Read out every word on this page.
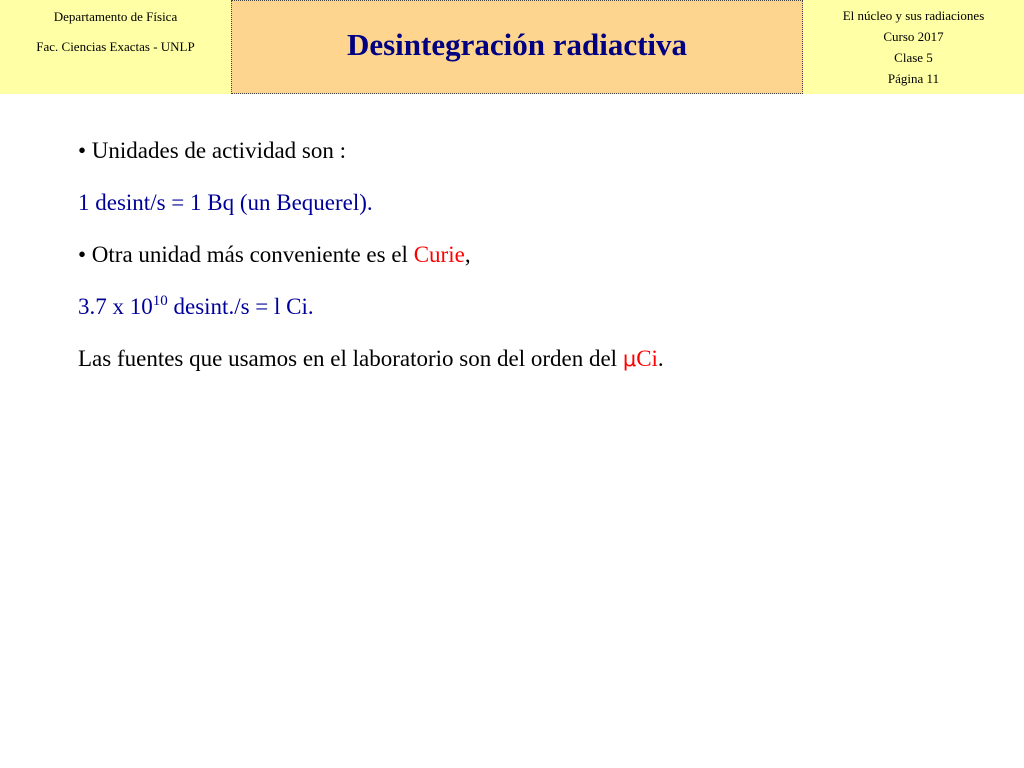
Departamento de Física
Fac. Ciencias Exactas - UNLP	Desintegración radiactiva
El núcleo y sus radiaciones
Curso 2017
Clase 5
Página 11
• Unidades de actividad son :
1 desint/s = 1 Bq (un Bequerel).
• Otra unidad más conveniente es el Curie,
3.7 x $10^{10}$ desint./s = l Ci.
Las fuentes que usamos en el laboratorio son del orden del μCi.
